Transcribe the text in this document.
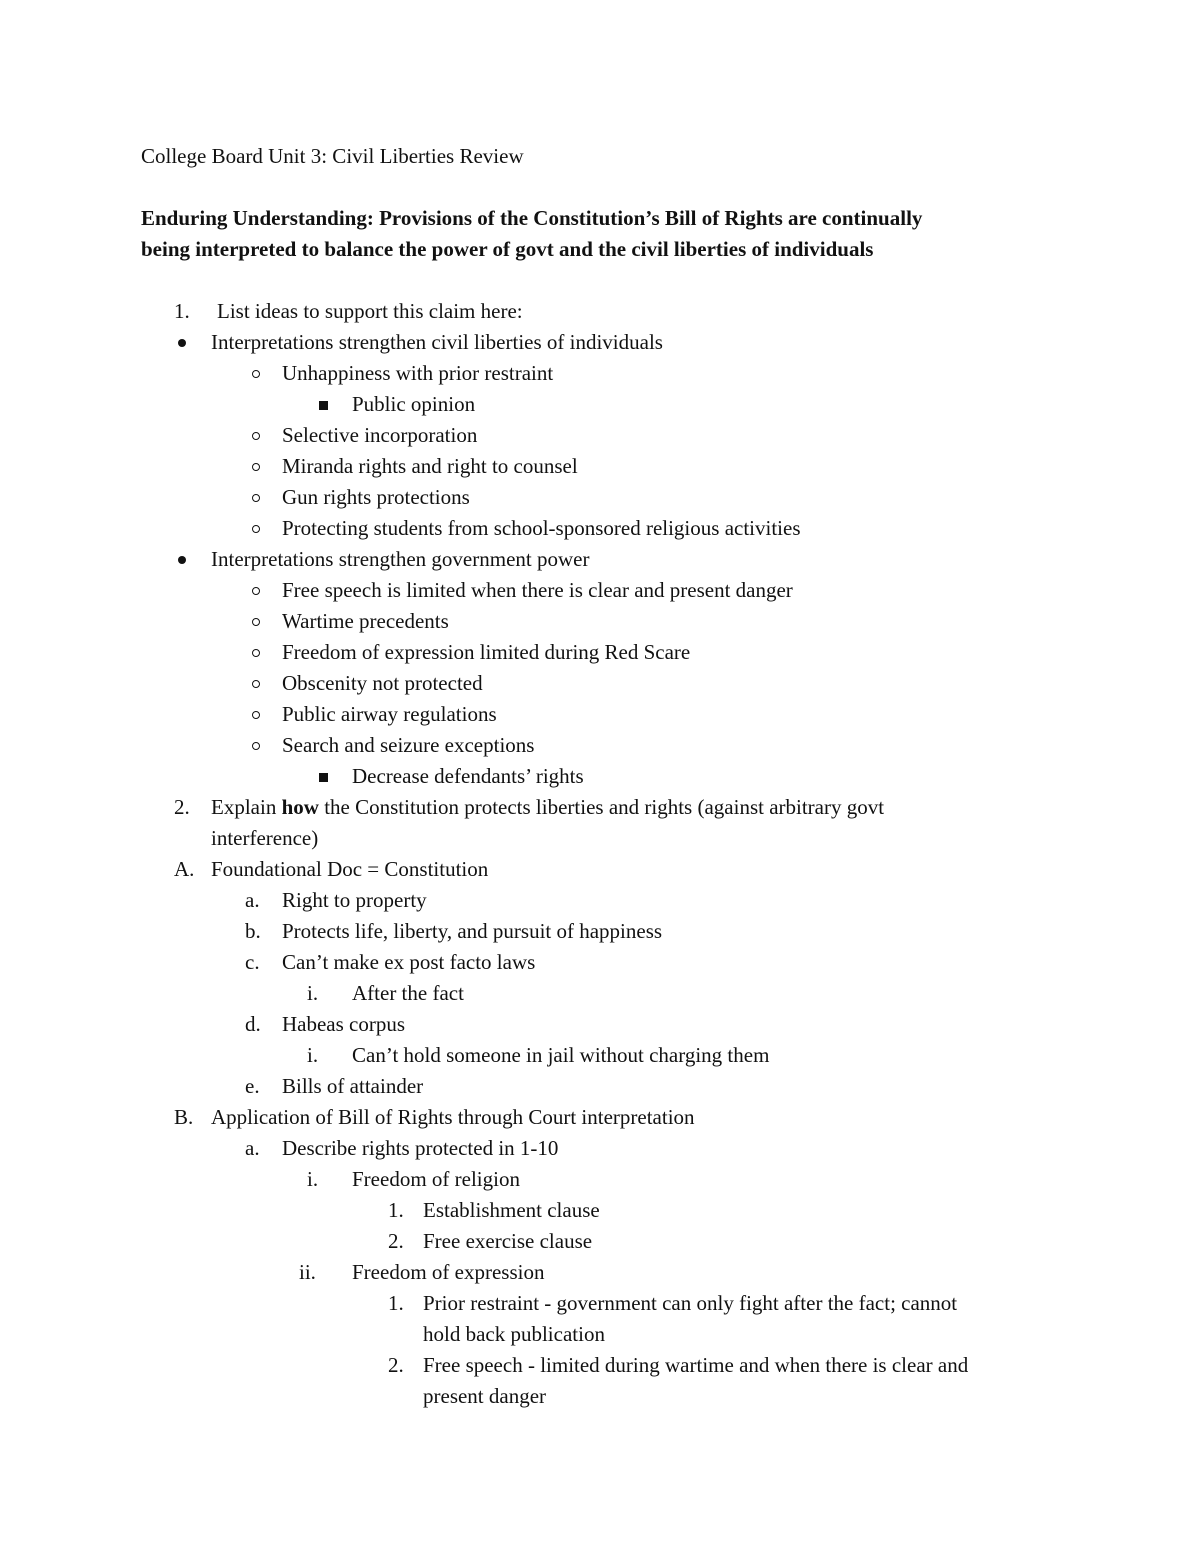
College Board Unit 3: Civil Liberties Review
Enduring Understanding: Provisions of the Constitution’s Bill of Rights are continually
being interpreted to balance the power of govt and the civil liberties of individuals
1. List ideas to support this claim here:
Interpretations strengthen civil liberties of individuals
Unhappiness with prior restraint
Public opinion
Selective incorporation
Miranda rights and right to counsel
Gun rights protections
Protecting students from school-sponsored religious activities
Interpretations strengthen government power
Free speech is limited when there is clear and present danger
Wartime precedents
Freedom of expression limited during Red Scare
Obscenity not protected
Public airway regulations
Search and seizure exceptions
Decrease defendants’ rights
2. Explain how the Constitution protects liberties and rights (against arbitrary govt
interference)
A. Foundational Doc = Constitution
a. Right to property
b. Protects life, liberty, and pursuit of happiness
c. Can’t make ex post facto laws
i. After the fact
d. Habeas corpus
i. Can’t hold someone in jail without charging them
e. Bills of attainder
B. Application of Bill of Rights through Court interpretation
a. Describe rights protected in 1-10
i. Freedom of religion
1. Establishment clause
2. Free exercise clause
ii. Freedom of expression
1. Prior restraint - government can only fight after the fact; cannot
hold back publication
2. Free speech - limited during wartime and when there is clear and
present danger
